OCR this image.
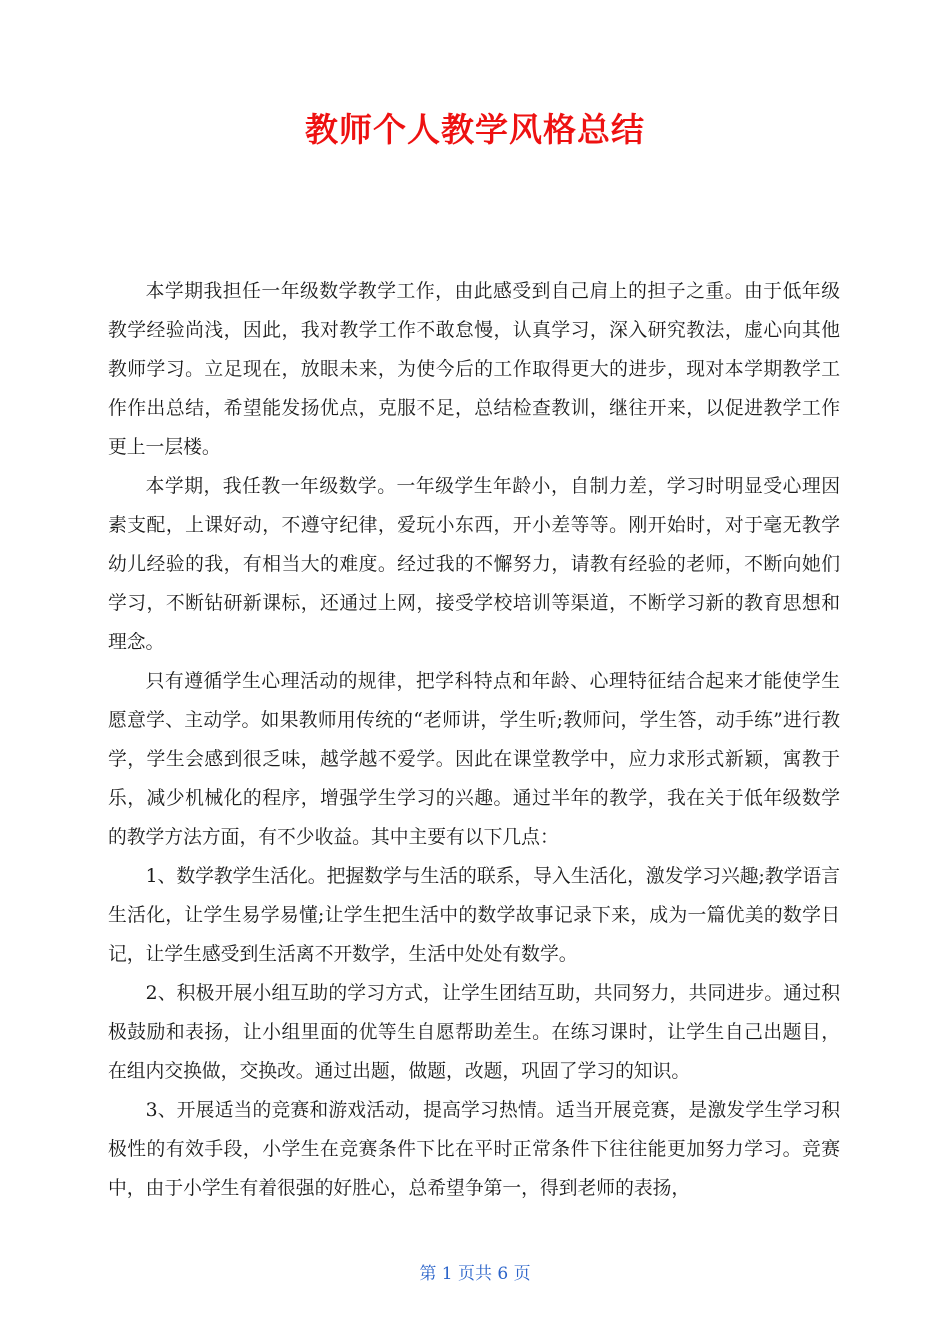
教师个人教学风格总结

本学期我担任一年级数学教学工作，由此感受到自己肩上的担子之重。由于低年级教学经验尚浅，因此，我对教学工作不敢怠慢，认真学习，深入研究教法，虚心向其他教师学习。立足现在，放眼未来，为使今后的工作取得更大的进步，现对本学期教学工作作出总结，希望能发扬优点，克服不足，总结检查教训，继往开来，以促进教学工作更上一层楼。

本学期，我任教一年级数学。一年级学生年龄小，自制力差，学习时明显受心理因素支配，上课好动，不遵守纪律，爱玩小东西，开小差等等。刚开始时，对于毫无教学幼儿经验的我，有相当大的难度。经过我的不懈努力，请教有经验的老师，不断向她们学习，不断钻研新课标，还通过上网，接受学校培训等渠道，不断学习新的教育思想和理念。

只有遵循学生心理活动的规律，把学科特点和年龄、心理特征结合起来才能使学生愿意学、主动学。如果教师用传统的“老师讲，学生听;教师问，学生答，动手练”进行教学，学生会感到很乏味，越学越不爱学。因此在课堂教学中，应力求形式新颖，寓教于乐，减少机械化的程序，增强学生学习的兴趣。通过半年的教学，我在关于低年级数学的教学方法方面，有不少收益。其中主要有以下几点：

1、数学教学生活化。把握数学与生活的联系，导入生活化，激发学习兴趣;教学语言生活化，让学生易学易懂;让学生把生活中的数学故事记录下来，成为一篇优美的数学日记，让学生感受到生活离不开数学，生活中处处有数学。

2、积极开展小组互助的学习方式，让学生团结互助，共同努力，共同进步。通过积极鼓励和表扬，让小组里面的优等生自愿帮助差生。在练习课时，让学生自己出题目，在组内交换做，交换改。通过出题，做题，改题，巩固了学习的知识。

3、开展适当的竞赛和游戏活动，提高学习热情。适当开展竞赛，是激发学生学习积极性的有效手段，小学生在竞赛条件下比在平时正常条件下往往能更加努力学习。竞赛中，由于小学生有着很强的好胜心，总希望争第一，得到老师的表扬，

第 1 页共 6 页
